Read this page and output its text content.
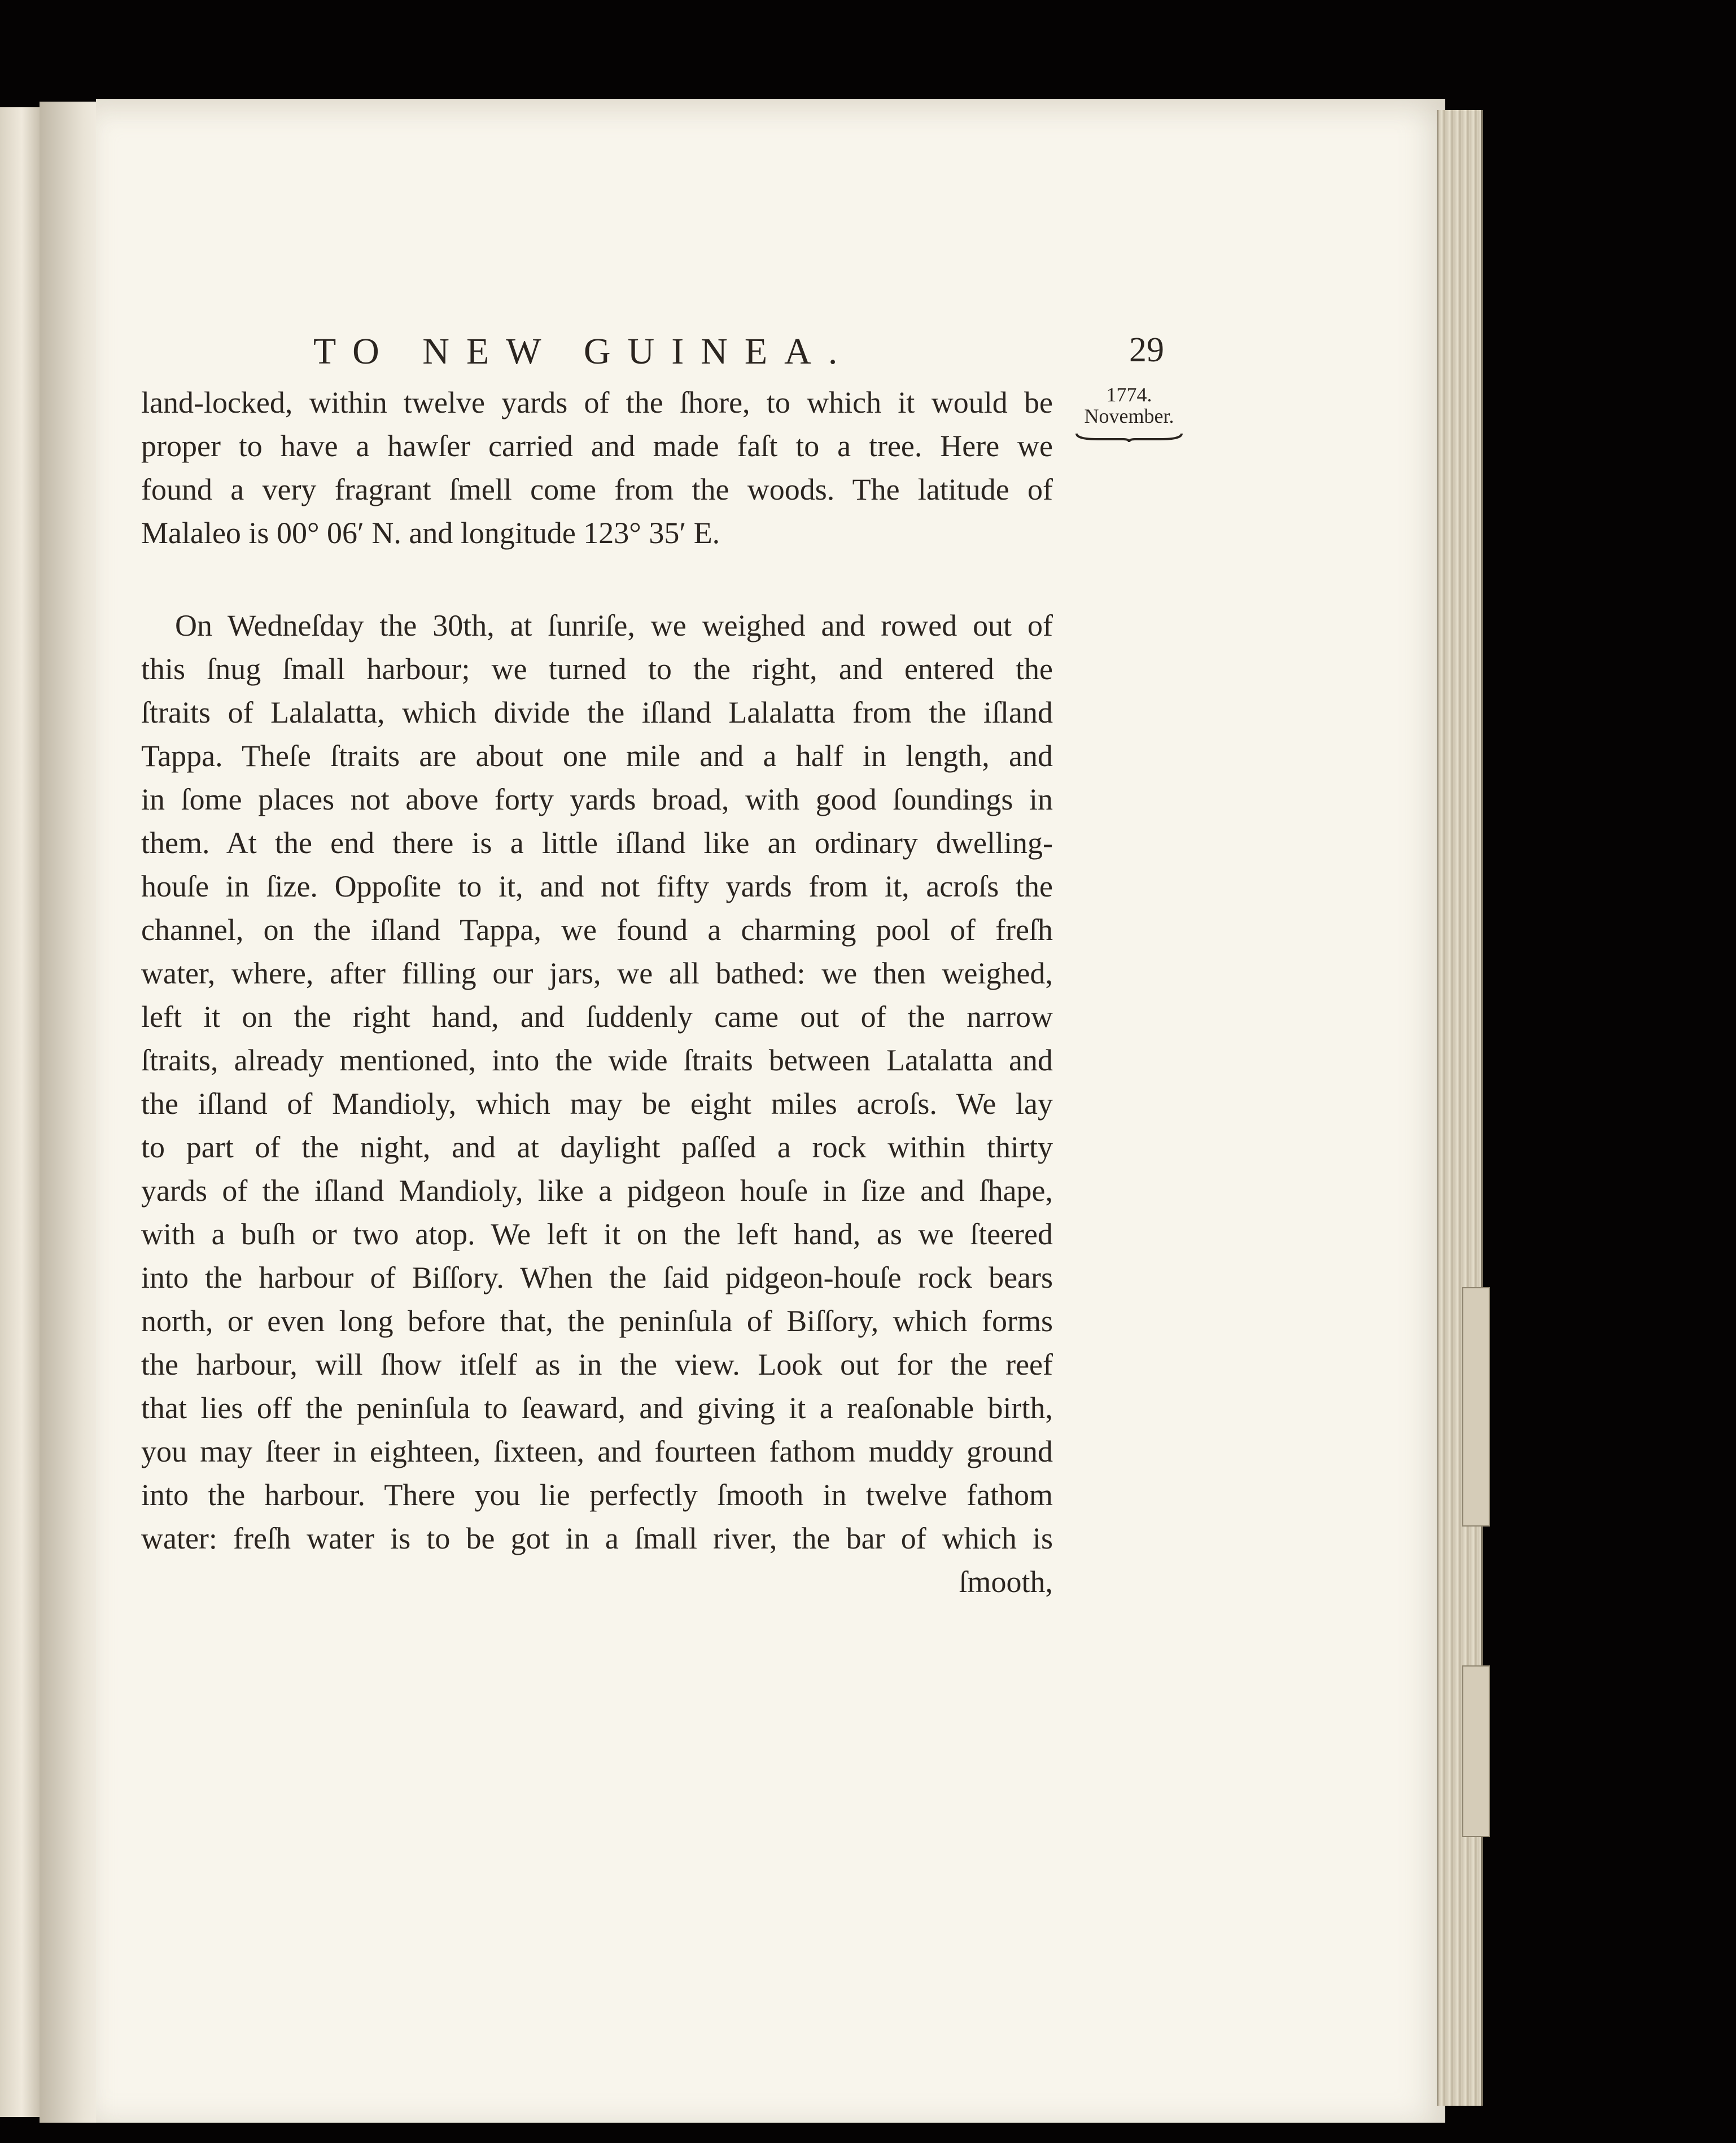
TO NEW GUINEA.	29
1774.
November.
land-locked, within twelve yards of the ſhore, to which it would be
proper to have a hawſer carried and made faſt to a tree. Here we
found a very fragrant ſmell come from the woods. The latitude of
Malaleo is 00° 06′ N. and longitude 123° 35′ E.
On Wedneſday the 30th, at ſunriſe, we weighed and rowed out of
this ſnug ſmall harbour; we turned to the right, and entered the
ſtraits of Lalalatta, which divide the iſland Lalalatta from the iſland
Tappa. Theſe ſtraits are about one mile and a half in length, and
in ſome places not above forty yards broad, with good ſoundings in
them. At the end there is a little iſland like an ordinary dwelling-
houſe in ſize. Oppoſite to it, and not fifty yards from it, acroſs the
channel, on the iſland Tappa, we found a charming pool of freſh
water, where, after filling our jars, we all bathed: we then weighed,
left it on the right hand, and ſuddenly came out of the narrow
ſtraits, already mentioned, into the wide ſtraits between Latalatta and
the iſland of Mandioly, which may be eight miles acroſs. We lay
to part of the night, and at daylight paſſed a rock within thirty
yards of the iſland Mandioly, like a pidgeon houſe in ſize and ſhape,
with a buſh or two atop. We left it on the left hand, as we ſteered
into the harbour of Biſſory. When the ſaid pidgeon-houſe rock bears
north, or even long before that, the peninſula of Biſſory, which forms
the harbour, will ſhow itſelf as in the view. Look out for the reef
that lies off the peninſula to ſeaward, and giving it a reaſonable birth,
you may ſteer in eighteen, ſixteen, and fourteen fathom muddy ground
into the harbour. There you lie perfectly ſmooth in twelve fathom
water: freſh water is to be got in a ſmall river, the bar of which is
ſmooth,
